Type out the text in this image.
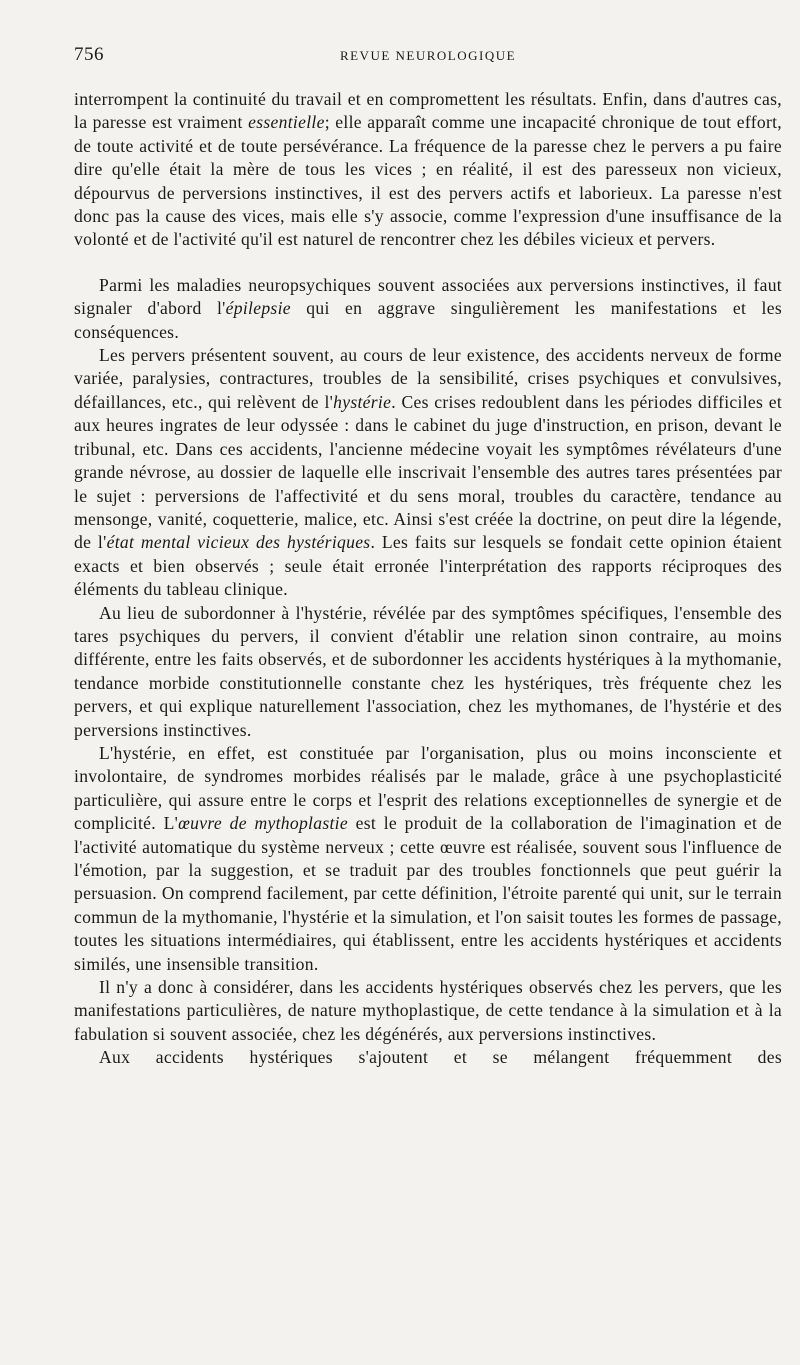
756	REVUE NEUROLOGIQUE

interrompent la continuité du travail et en compromettent les résultats. Enfin, dans d'autres cas, la paresse est vraiment essentielle; elle apparaît comme une incapacité chronique de tout effort, de toute activité et de toute persévérance. La fréquence de la paresse chez le pervers a pu faire dire qu'elle était la mère de tous les vices ; en réalité, il est des paresseux non vicieux, dépourvus de perversions instinctives, il est des pervers actifs et laborieux. La paresse n'est donc pas la cause des vices, mais elle s'y associe, comme l'expression d'une insuffisance de la volonté et de l'activité qu'il est naturel de rencontrer chez les débiles vicieux et pervers.

Parmi les maladies neuropsychiques souvent associées aux perversions instinctives, il faut signaler d'abord l'épilepsie qui en aggrave singulièrement les manifestations et les conséquences.

Les pervers présentent souvent, au cours de leur existence, des accidents nerveux de forme variée, paralysies, contractures, troubles de la sensibilité, crises psychiques et convulsives, défaillances, etc., qui relèvent de l'hystérie. Ces crises redoublent dans les périodes difficiles et aux heures ingrates de leur odyssée : dans le cabinet du juge d'instruction, en prison, devant le tribunal, etc. Dans ces accidents, l'ancienne médecine voyait les symptômes révélateurs d'une grande névrose, au dossier de laquelle elle inscrivait l'ensemble des autres tares présentées par le sujet : perversions de l'affectivité et du sens moral, troubles du caractère, tendance au mensonge, vanité, coquetterie, malice, etc. Ainsi s'est créée la doctrine, on peut dire la légende, de l'état mental vicieux des hystériques. Les faits sur lesquels se fondait cette opinion étaient exacts et bien observés ; seule était erronée l'interprétation des rapports réciproques des éléments du tableau clinique.

Au lieu de subordonner à l'hystérie, révélée par des symptômes spécifiques, l'ensemble des tares psychiques du pervers, il convient d'établir une relation sinon contraire, au moins différente, entre les faits observés, et de subordonner les accidents hystériques à la mythomanie, tendance morbide constitutionnelle constante chez les hystériques, très fréquente chez les pervers, et qui explique naturellement l'association, chez les mythomanes, de l'hystérie et des perversions instinctives.

L'hystérie, en effet, est constituée par l'organisation, plus ou moins inconsciente et involontaire, de syndromes morbides réalisés par le malade, grâce à une psychoplasticité particulière, qui assure entre le corps et l'esprit des relations exceptionnelles de synergie et de complicité. L'œuvre de mythoplastie est le produit de la collaboration de l'imagination et de l'activité automatique du système nerveux ; cette œuvre est réalisée, souvent sous l'influence de l'émotion, par la suggestion, et se traduit par des troubles fonctionnels que peut guérir la persuasion. On comprend facilement, par cette définition, l'étroite parenté qui unit, sur le terrain commun de la mythomanie, l'hystérie et la simulation, et l'on saisit toutes les formes de passage, toutes les situations intermédiaires, qui établissent, entre les accidents hystériques et accidents similés, une insensible transition.

Il n'y a donc à considérer, dans les accidents hystériques observés chez les pervers, que les manifestations particulières, de nature mythoplastique, de cette tendance à la simulation et à la fabulation si souvent associée, chez les dégénérés, aux perversions instinctives.

Aux accidents hystériques s'ajoutent et se mélangent fréquemment des
